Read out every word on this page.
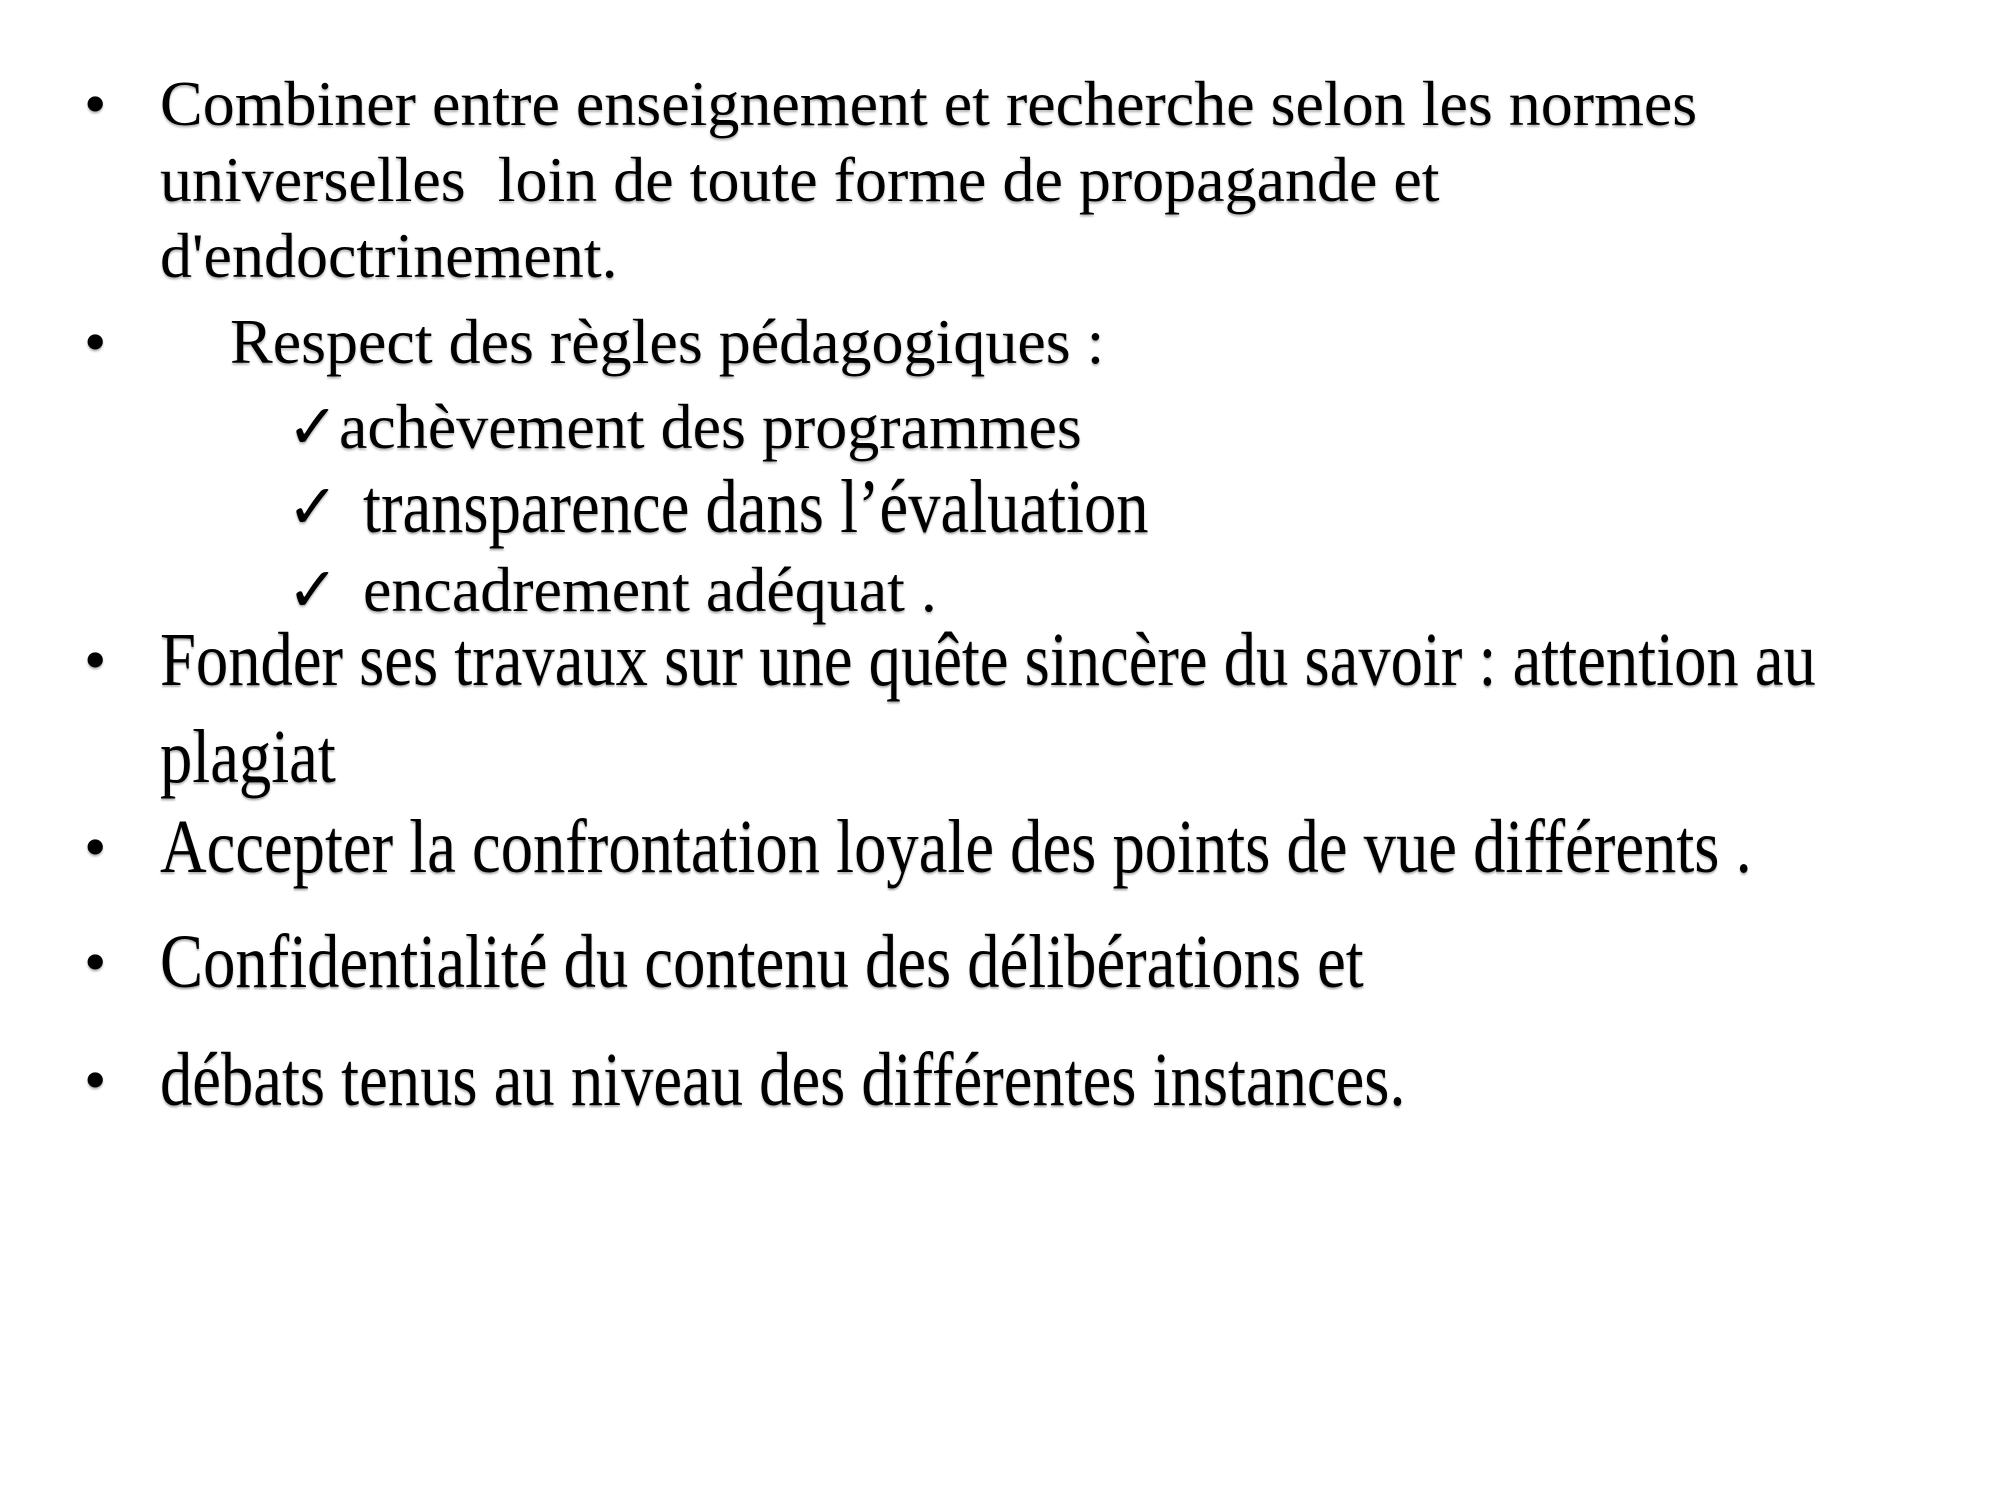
•

Combiner entre enseignement et recherche selon les normes

universelles  loin de toute forme de propagande et

d'endoctrinement.

•

Respect des règles pédagogiques :

✓

achèvement des programmes

✓

transparence dans l’évaluation

✓

encadrement adéquat .

•

Fonder ses travaux sur une quête sincère du savoir : attention au

plagiat

•

Accepter la confrontation loyale des points de vue différents .

•

Confidentialité du contenu des délibérations et

•

débats tenus au niveau des différentes instances.
